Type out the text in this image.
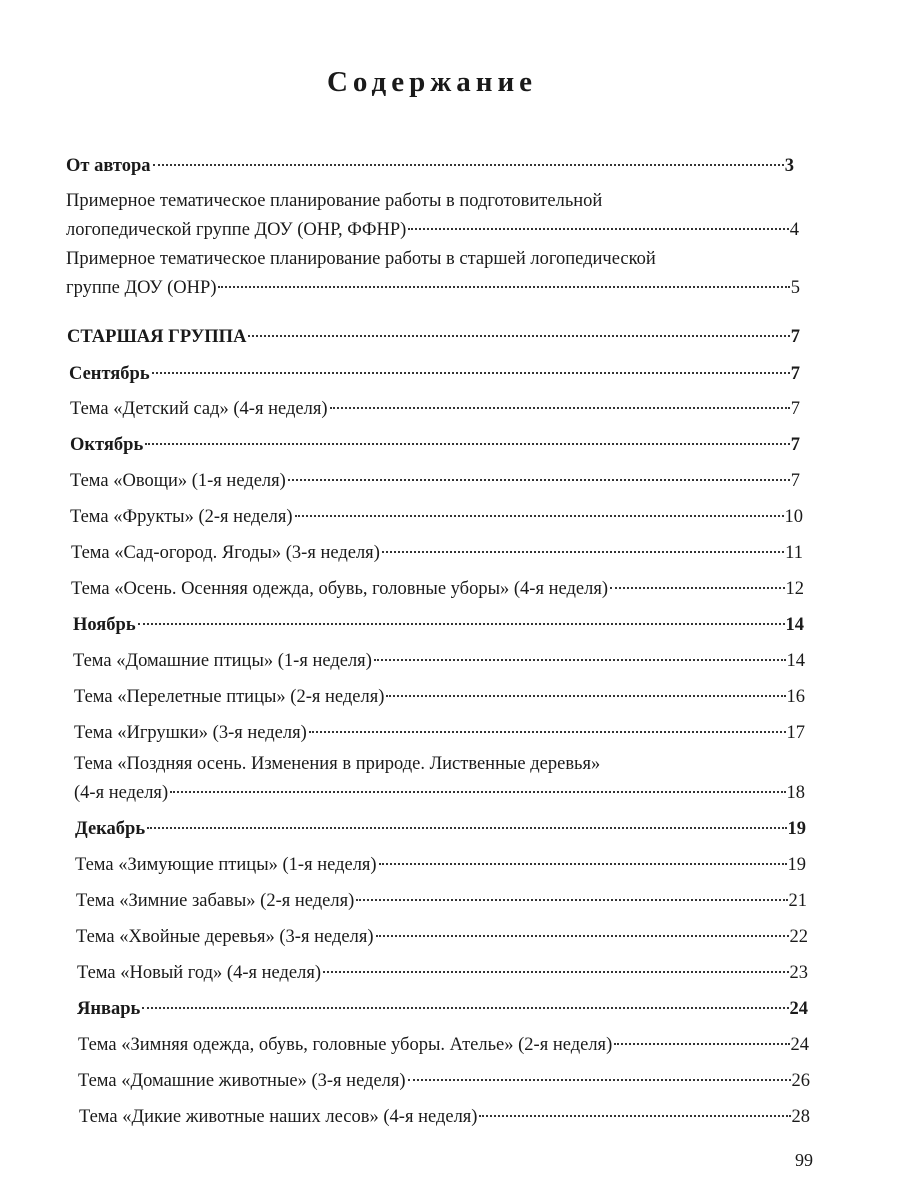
Содержание
От автора	3
Примерное тематическое планирование работы в подготовительной
логопедической группе ДОУ (ОНР, ФФНР)	4
Примерное тематическое планирование работы в старшей логопедической
группе ДОУ (ОНР)	5
СТАРШАЯ ГРУППА	7
Сентябрь	7
Тема «Детский сад» (4-я неделя)	7
Октябрь	7
Тема «Овощи» (1-я неделя)	7
Тема «Фрукты» (2-я неделя)	10
Тема «Сад-огород. Ягоды» (3-я неделя)	11
Тема «Осень. Осенняя одежда, обувь, головные уборы» (4-я неделя)	12
Ноябрь	14
Тема «Домашние птицы» (1-я неделя)	14
Тема «Перелетные птицы» (2-я неделя)	16
Тема «Игрушки» (3-я неделя)	17
Тема «Поздняя осень. Изменения в природе. Лиственные деревья»
(4-я неделя)	18
Декабрь	19
Тема «Зимующие птицы» (1-я неделя)	19
Тема «Зимние забавы» (2-я неделя)	21
Тема «Хвойные деревья» (3-я неделя)	22
Тема «Новый год» (4-я неделя)	23
Январь	24
Тема «Зимняя одежда, обувь, головные уборы. Ателье» (2-я неделя)	24
Тема «Домашние животные» (3-я неделя)	26
Тема «Дикие животные наших лесов» (4-я неделя)	28
99
